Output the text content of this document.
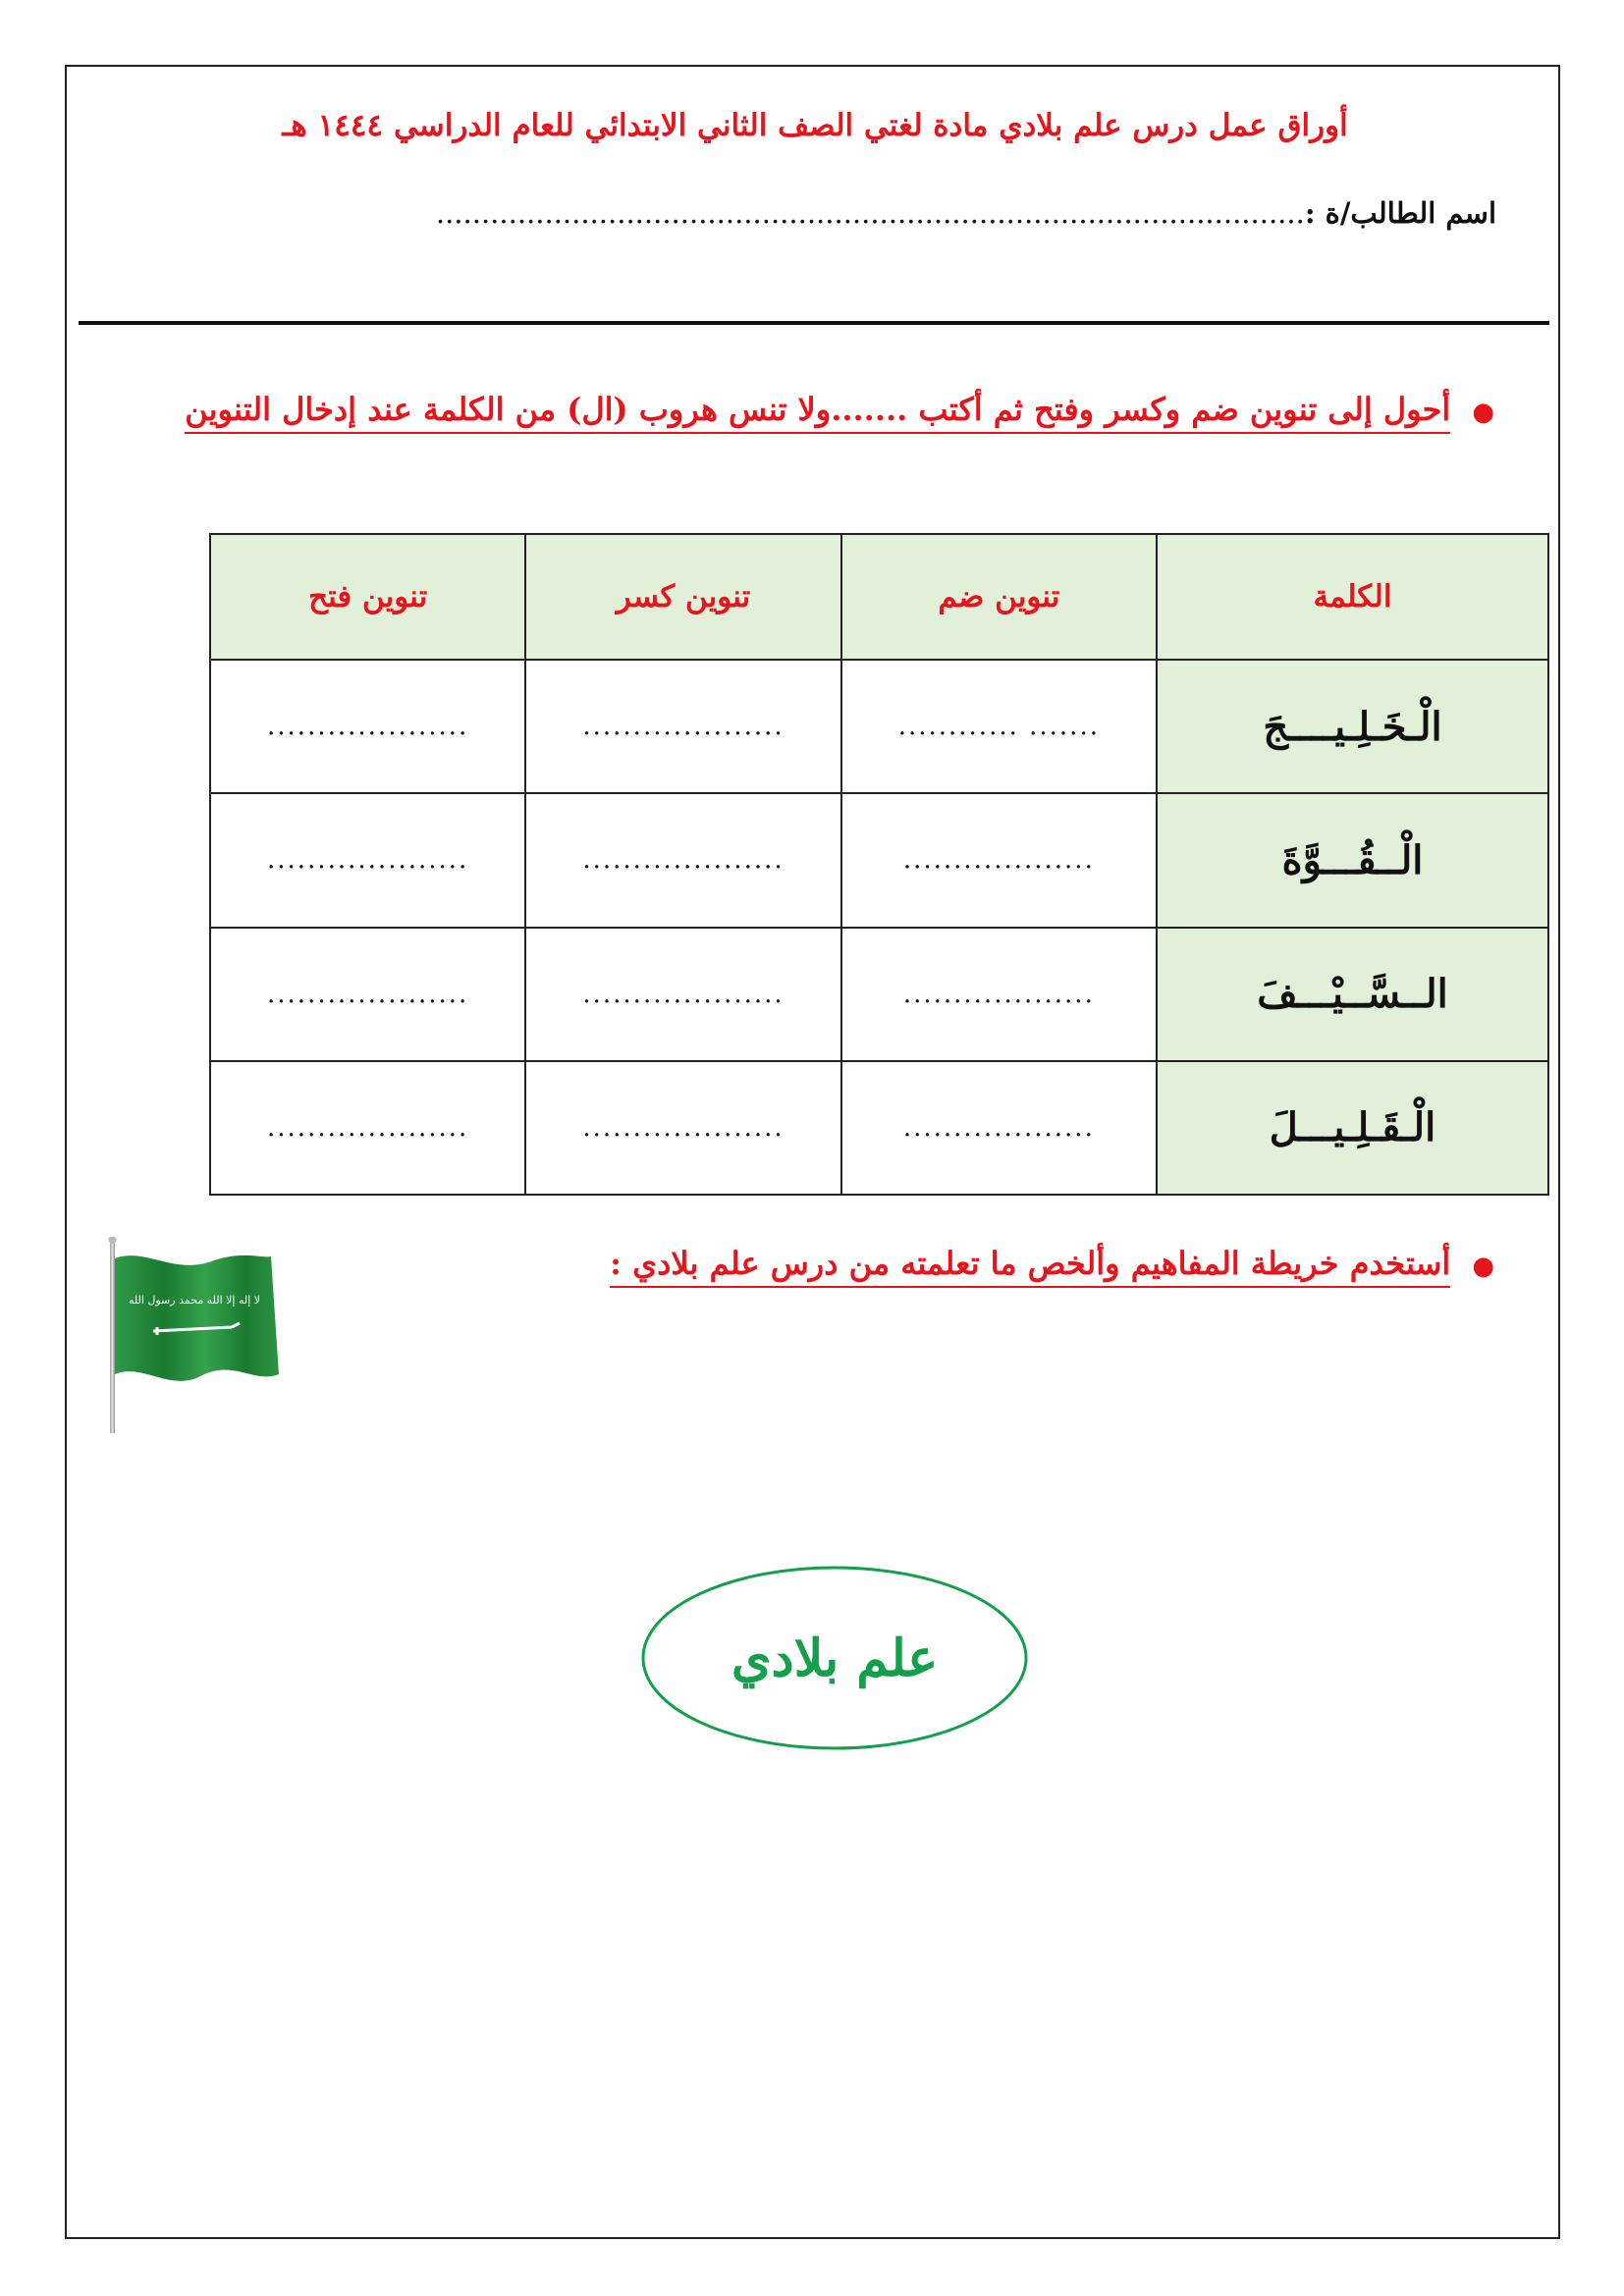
أوراق عمل درس علم بلادي مادة لغتي الصف الثاني الابتدائي للعام الدراسي ١٤٤٤ هـ
اسم الطالب/ة :................................................................................................
●أحول إلى تنوين ضم وكسر وفتح ثم أكتب .......ولا تنس هروب (ال) من الكلمة عند إدخال التنوين
الكلمة	تنوين ضم	تنوين كسر	تنوين فتح
الْـخَـلِـيــــجَ	....... ............	....................	....................
الْــقُـــوَّةَ	...................	....................	....................
الــسَّــيْـــفَ	...................	....................	....................
الْـقَـلِـيـــلَ	...................	....................	....................
●أستخدم خريطة المفاهيم وألخص ما تعلمته من درس علم بلادي :
لا إله إلا الله محمد رسول الله
علم بلادي
